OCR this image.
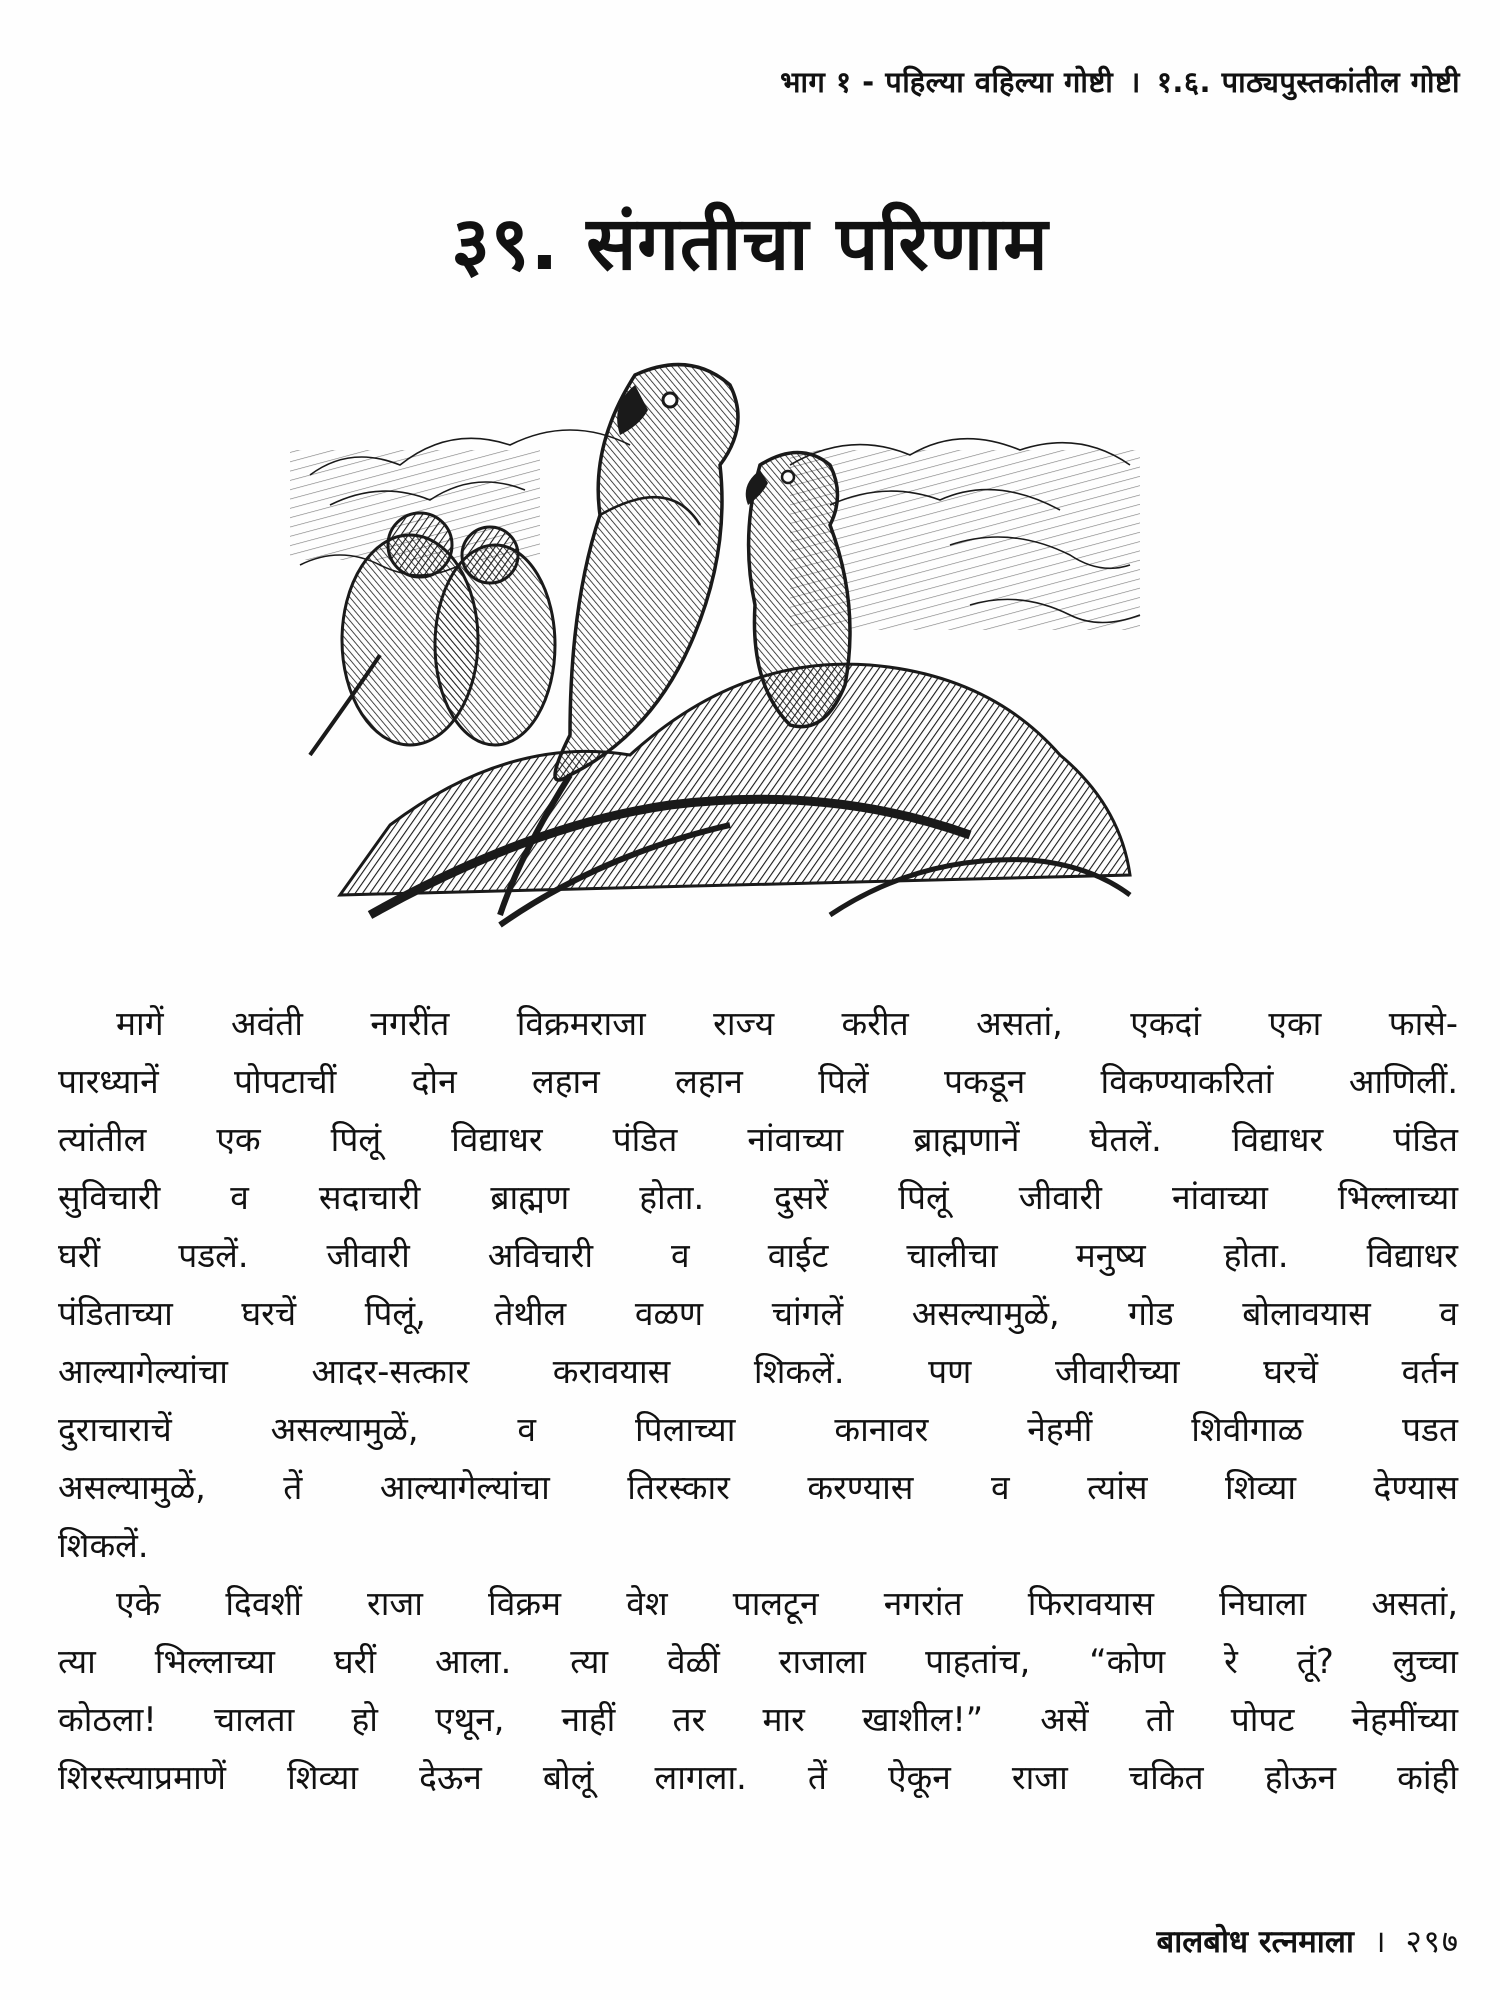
भाग १ - पहिल्या वहिल्या गोष्टी । १.६. पाठ्यपुस्तकांतील गोष्टी
३९. संगतीचा परिणाम
मागें अवंती नगरींत विक्रमराजा राज्य करीत असतां, एकदां एका फासे-
पारध्यानें पोपटाचीं दोन लहान लहान पिलें पकडून विकण्याकरितां आणिलीं.
त्यांतील एक पिलूं विद्याधर पंडित नांवाच्या ब्राह्मणानें घेतलें. विद्याधर पंडित
सुविचारी व सदाचारी ब्राह्मण होता. दुसरें पिलूं जीवारी नांवाच्या भिल्लाच्या
घरीं पडलें. जीवारी अविचारी व वाईट चालीचा मनुष्य होता. विद्याधर
पंडिताच्या घरचें पिलूं, तेथील वळण चांगलें असल्यामुळें, गोड बोलावयास व
आल्यागेल्यांचा आदर-सत्कार करावयास शिकलें. पण जीवारीच्या घरचें वर्तन
दुराचाराचें असल्यामुळें, व पिलाच्या कानावर नेहमीं शिवीगाळ पडत
असल्यामुळें, तें आल्यागेल्यांचा तिरस्कार करण्यास व त्यांस शिव्या देण्यास
शिकलें.
एके दिवशीं राजा विक्रम वेश पालटून नगरांत फिरावयास निघाला असतां,
त्या भिल्लाच्या घरीं आला. त्या वेळीं राजाला पाहतांच, “कोण रे तूं? लुच्चा
कोठला! चालता हो एथून, नाहीं तर मार खाशील!” असें तो पोपट नेहमींच्या
शिरस्त्याप्रमाणें शिव्या देऊन बोलूं लागला. तें ऐकून राजा चकित होऊन कांही
बालबोध रत्नमाला । २९७
